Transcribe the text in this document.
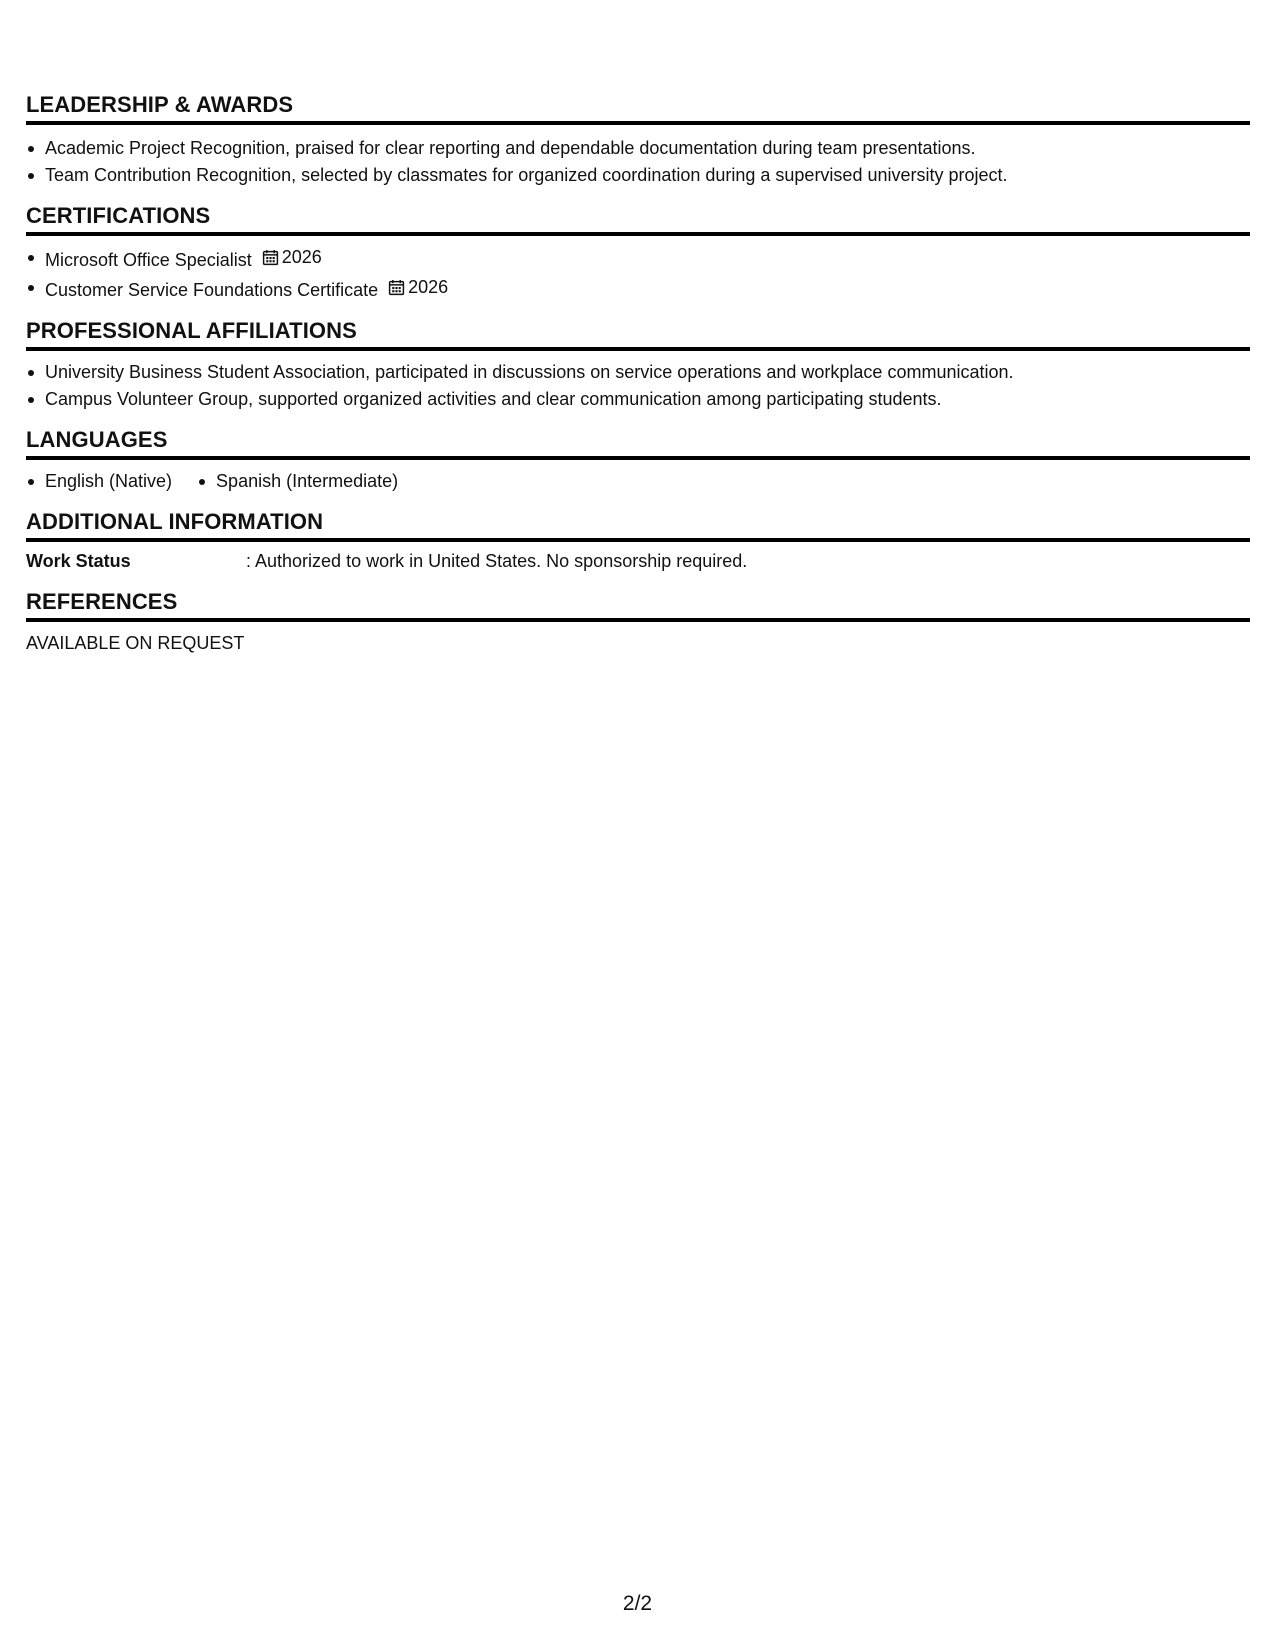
LEADERSHIP & AWARDS
Academic Project Recognition, praised for clear reporting and dependable documentation during team presentations.
Team Contribution Recognition, selected by classmates for organized coordination during a supervised university project.
CERTIFICATIONS
Microsoft Office Specialist 2026
Customer Service Foundations Certificate 2026
PROFESSIONAL AFFILIATIONS
University Business Student Association, participated in discussions on service operations and workplace communication.
Campus Volunteer Group, supported organized activities and clear communication among participating students.
LANGUAGES
English (Native)	Spanish (Intermediate)
ADDITIONAL INFORMATION
Work Status	: Authorized to work in United States. No sponsorship required.
REFERENCES
AVAILABLE ON REQUEST
2/2
